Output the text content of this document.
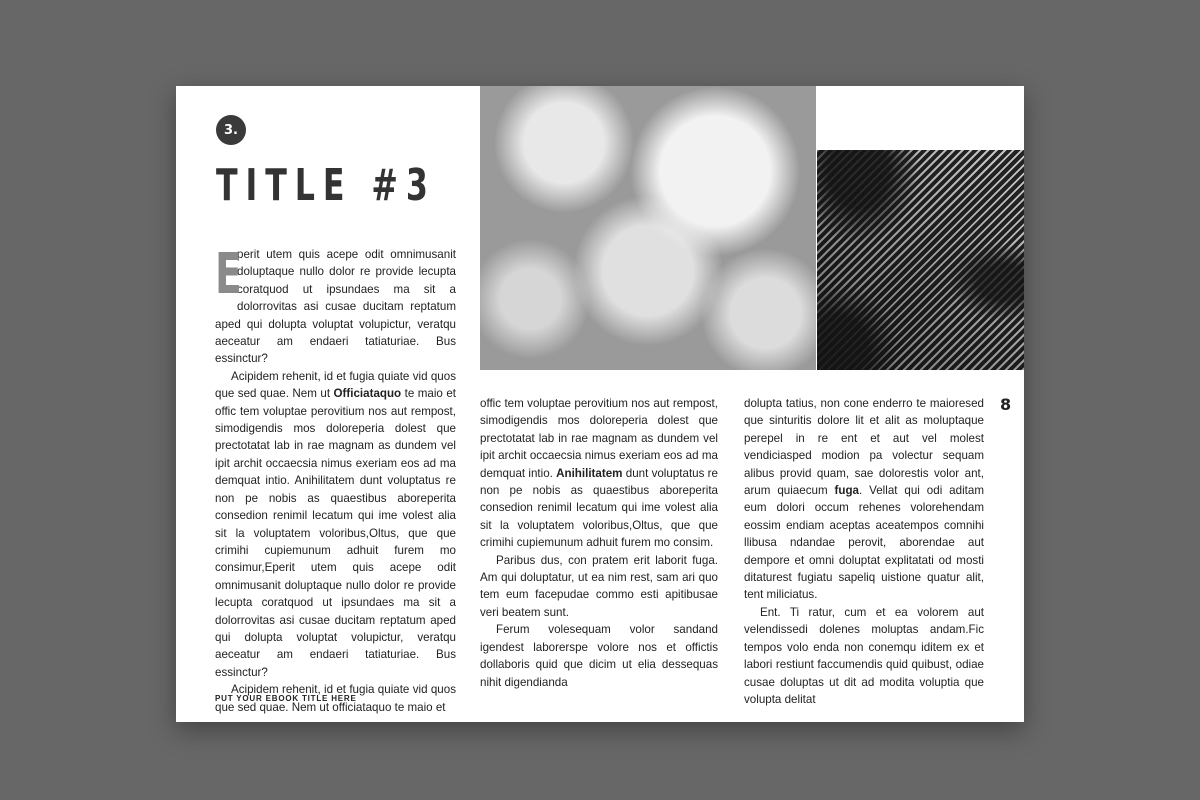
3.
TITLE #3

E
perit utem quis acepe odit omnimusanit doluptaque nullo dolor re provide lecupta coratquod ut ipsundaes ma sit a dolorrovitas asi cusae ducitam reptatum aped qui dolupta voluptat volupictur, veratqu aeceatur am endaeri tatiaturiae. Bus essinctur?

Acipidem rehenit, id et fugia quiate vid quos que sed quae. Nem ut Officiataquo te maio et offic tem voluptae perovitium nos aut rempost, simodigendis mos doloreperia dolest que prectotatat lab in rae magnam as dundem vel ipit archit occaecsia nimus exeriam eos ad ma demquat intio. Anihilitatem dunt voluptatus re non pe nobis as quaestibus aboreperita consedion renimil lecatum qui ime volest alia sit la voluptatem voloribus,Oltus, que que crimihi cupiemunum adhuit furem mo consimur,Eperit utem quis acepe odit omnimusanit doluptaque nullo dolor re provide lecupta coratquod ut ipsundaes ma sit a dolorrovitas asi cusae ducitam reptatum aped qui dolupta voluptat volupictur, veratqu aeceatur am endaeri tatiaturiae. Bus essinctur?

Acipidem rehenit, id et fugia quiate vid quos que sed quae. Nem ut officiataquo te maio et

offic tem voluptae perovitium nos aut rempost, simodigendis mos doloreperia dolest que prectotatat lab in rae magnam as dundem vel ipit archit occaecsia nimus exeriam eos ad ma demquat intio. Anihilitatem dunt voluptatus re non pe nobis as quaestibus aboreperita consedion renimil lecatum qui ime volest alia sit la voluptatem voloribus,Oltus, que que crimihi cupiemunum adhuit furem mo consim.

Paribus dus, con pratem erit laborit fuga. Am qui doluptatur, ut ea nim rest, sam ari quo tem eum facepudae commo esti apitibusae veri beatem sunt.

Ferum volesequam volor sandand igendest laborerspe volore nos et offictis dollaboris quid que dicim ut elia dessequas nihit digendianda

dolupta tatius, non cone enderro te maioresed que sinturitis dolore lit et alit as moluptaque perepel in re ent et aut vel molest vendiciasped modion pa volectur sequam alibus provid quam, sae dolorestis volor ant, arum quiaecum fuga. Vellat qui odi aditam eum dolori occum rehenes volorehendam eossim endiam aceptas aceatempos comnihi llibusa ndandae perovit, aborendae aut dempore et omni doluptat explitatati od mosti ditaturest fugiatu sapeliq uistione quatur alit, tent miliciatus.

Ent. Ti ratur, cum et ea volorem aut velendissedi dolenes moluptas andam.Fic tempos volo enda non conemqu iditem ex et labori restiunt faccumendis quid quibust, odiae cusae doluptas ut dit ad modita voluptia que volupta delitat

8
PUT YOUR EBOOK TITLE HERE
